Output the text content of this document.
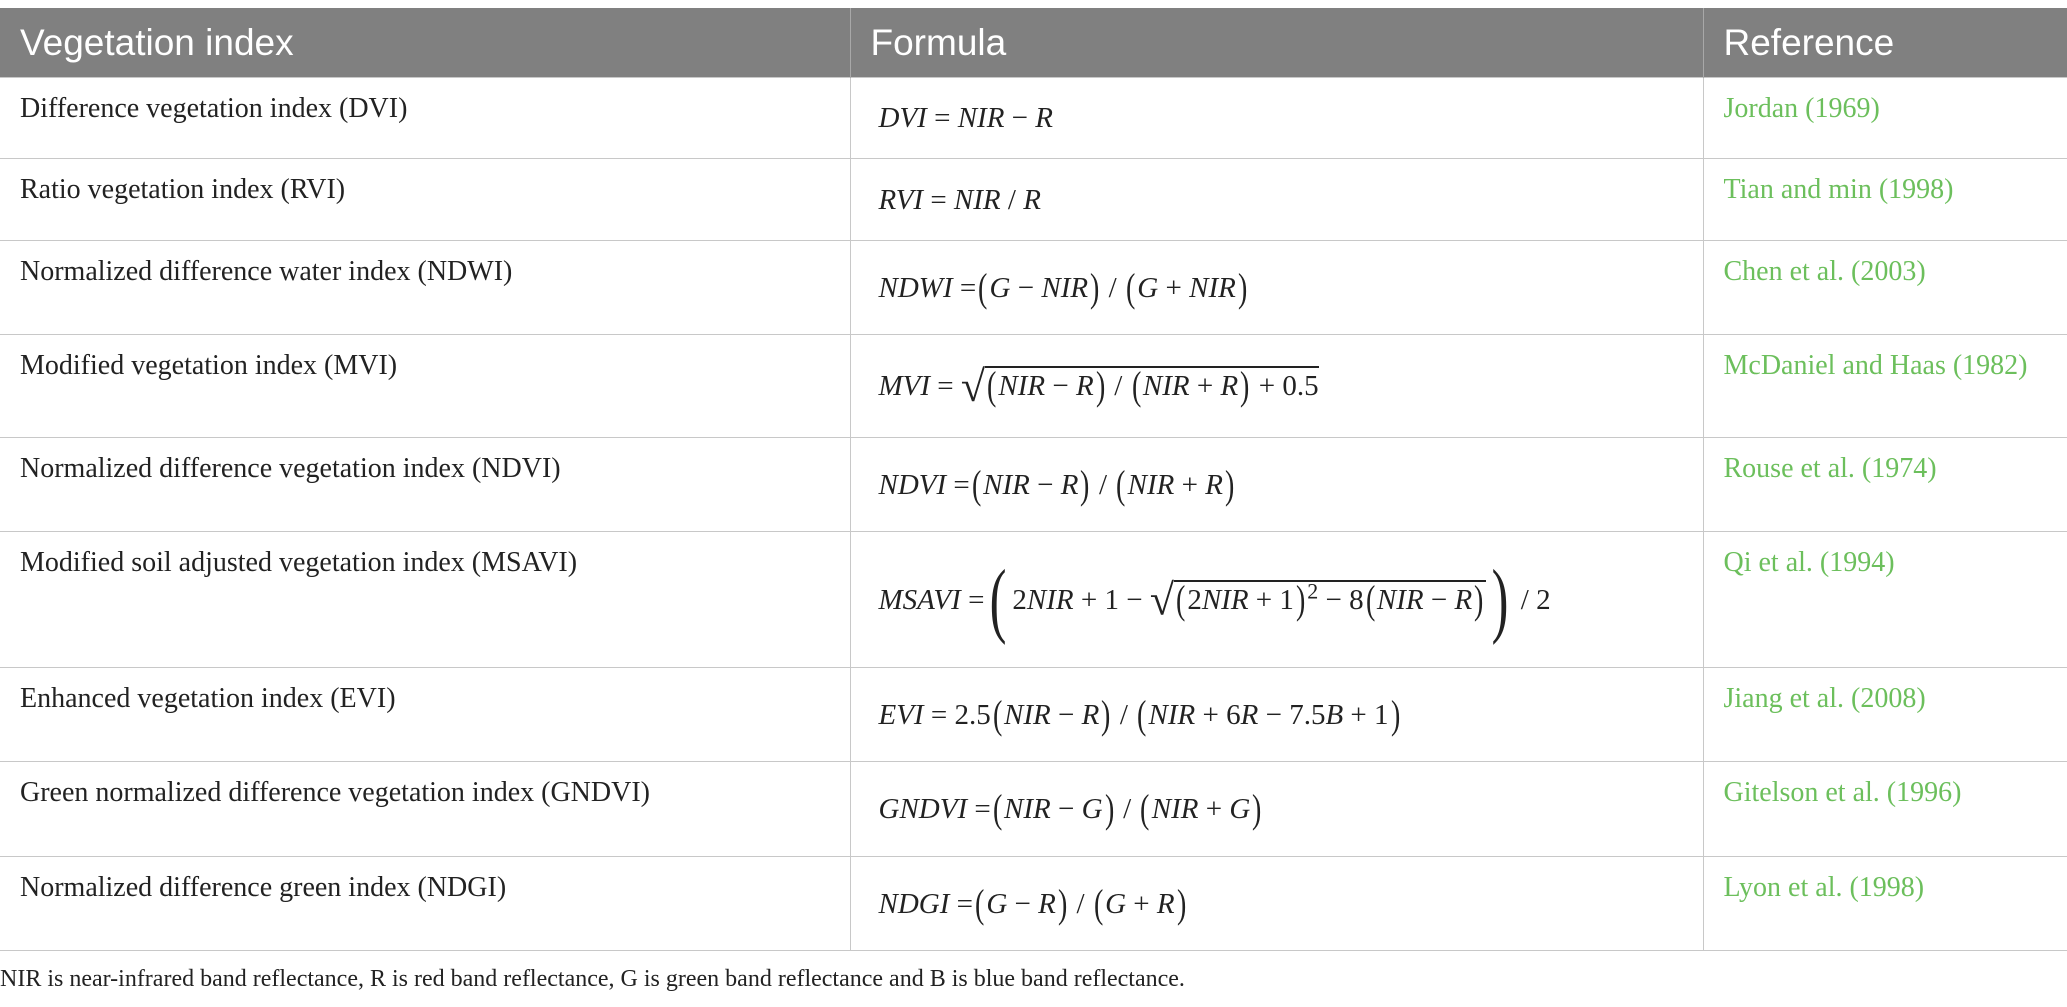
Vegetation index	Formula	Reference
Difference vegetation index (DVI)	DVI = NIR − R	Jordan (1969)
Ratio vegetation index (RVI)	RVI = NIR / R	Tian and min (1998)
Normalized difference water index (NDWI)	NDWI =(G − NIR) / (G + NIR)	Chen et al. (2003)
Modified vegetation index (MVI)	MVI = √(NIR − R) / (NIR + R) + 0.5	McDaniel and Haas (1982)
Normalized difference vegetation index (NDVI)	NDVI =(NIR − R) / (NIR + R)	Rouse et al. (1974)
Modified soil adjusted vegetation index (MSAVI)	MSAVI =( $2NIR + 1 - √(2NIR + 1)^2 - 8(NIR - R)) / 2$	Qi et al. (1994)
Enhanced vegetation index (EVI)	EVI = 2.5(NIR − R) / (NIR + 6R − 7.5B + 1)	Jiang et al. (2008)
Green normalized difference vegetation index (GNDVI)	GNDVI =(NIR − G) / (NIR + G)	Gitelson et al. (1996)
Normalized difference green index (NDGI)	NDGI =(G − R) / (G + R)	Lyon et al. (1998)
NIR is near-infrared band reflectance, R is red band reflectance, G is green band reflectance and B is blue band reflectance.
